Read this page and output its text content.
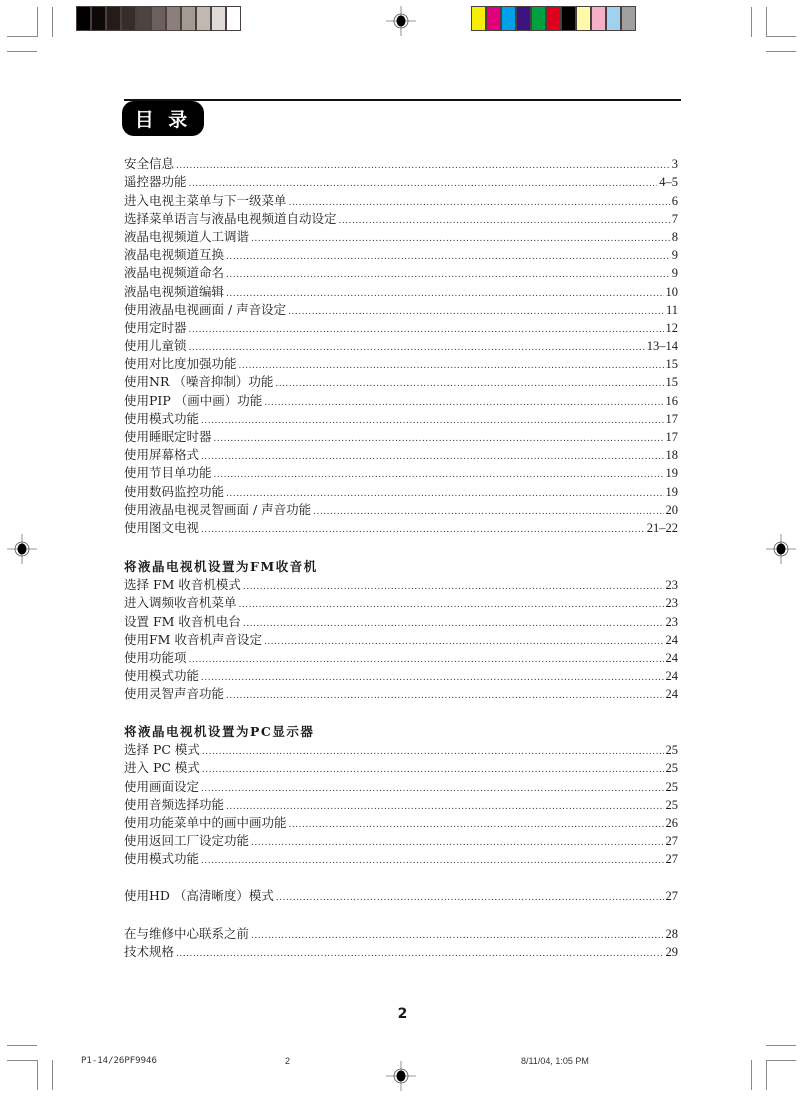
目 录
安全信息 .....	3
遥控器功能 .....	4–5
进入电视主菜单与下一级菜单 .....	6
选择菜单语言与液晶电视频道自动设定 .....	7
液晶电视频道人工调谐 .....	8
液晶电视频道互换 .....	9
液晶电视频道命名 .....	9
液晶电视频道编辑 .....	10
使用液晶电视画面 / 声音设定 .....	11
使用定时器 .....	12
使用儿童锁 .....	13–14
使用对比度加强功能 .....	15
使用NR （噪音抑制）功能 .....	15
使用PIP （画中画）功能 .....	16
使用模式功能 .....	17
使用睡眠定时器 .....	17
使用屏幕格式 .....	18
使用节目单功能 .....	19
使用数码监控功能 .....	19
使用液晶电视灵智画面 / 声音功能 .....	20
使用图文电视 .....	21–22
将液晶电视机设置为FM收音机
选择 FM 收音机模式 .....	23
进入调频收音机菜单 .....	23
设置 FM 收音机电台 .....	23
使用FM 收音机声音设定 .....	24
使用功能项 .....	24
使用模式功能 .....	24
使用灵智声音功能 .....	24
将液晶电视机设置为PC显示器
选择 PC 模式 .....	25
进入 PC 模式 .....	25
使用画面设定 .....	25
使用音频选择功能 .....	25
使用功能菜单中的画中画功能 .....	26
使用返回工厂设定功能 .....	27
使用模式功能 .....	27
使用HD （高清晰度）模式 .....	27
在与维修中心联系之前 .....	28
技术规格 .....	29
2
P1-14/26PF9946	2	8/11/04, 1:05 PM
